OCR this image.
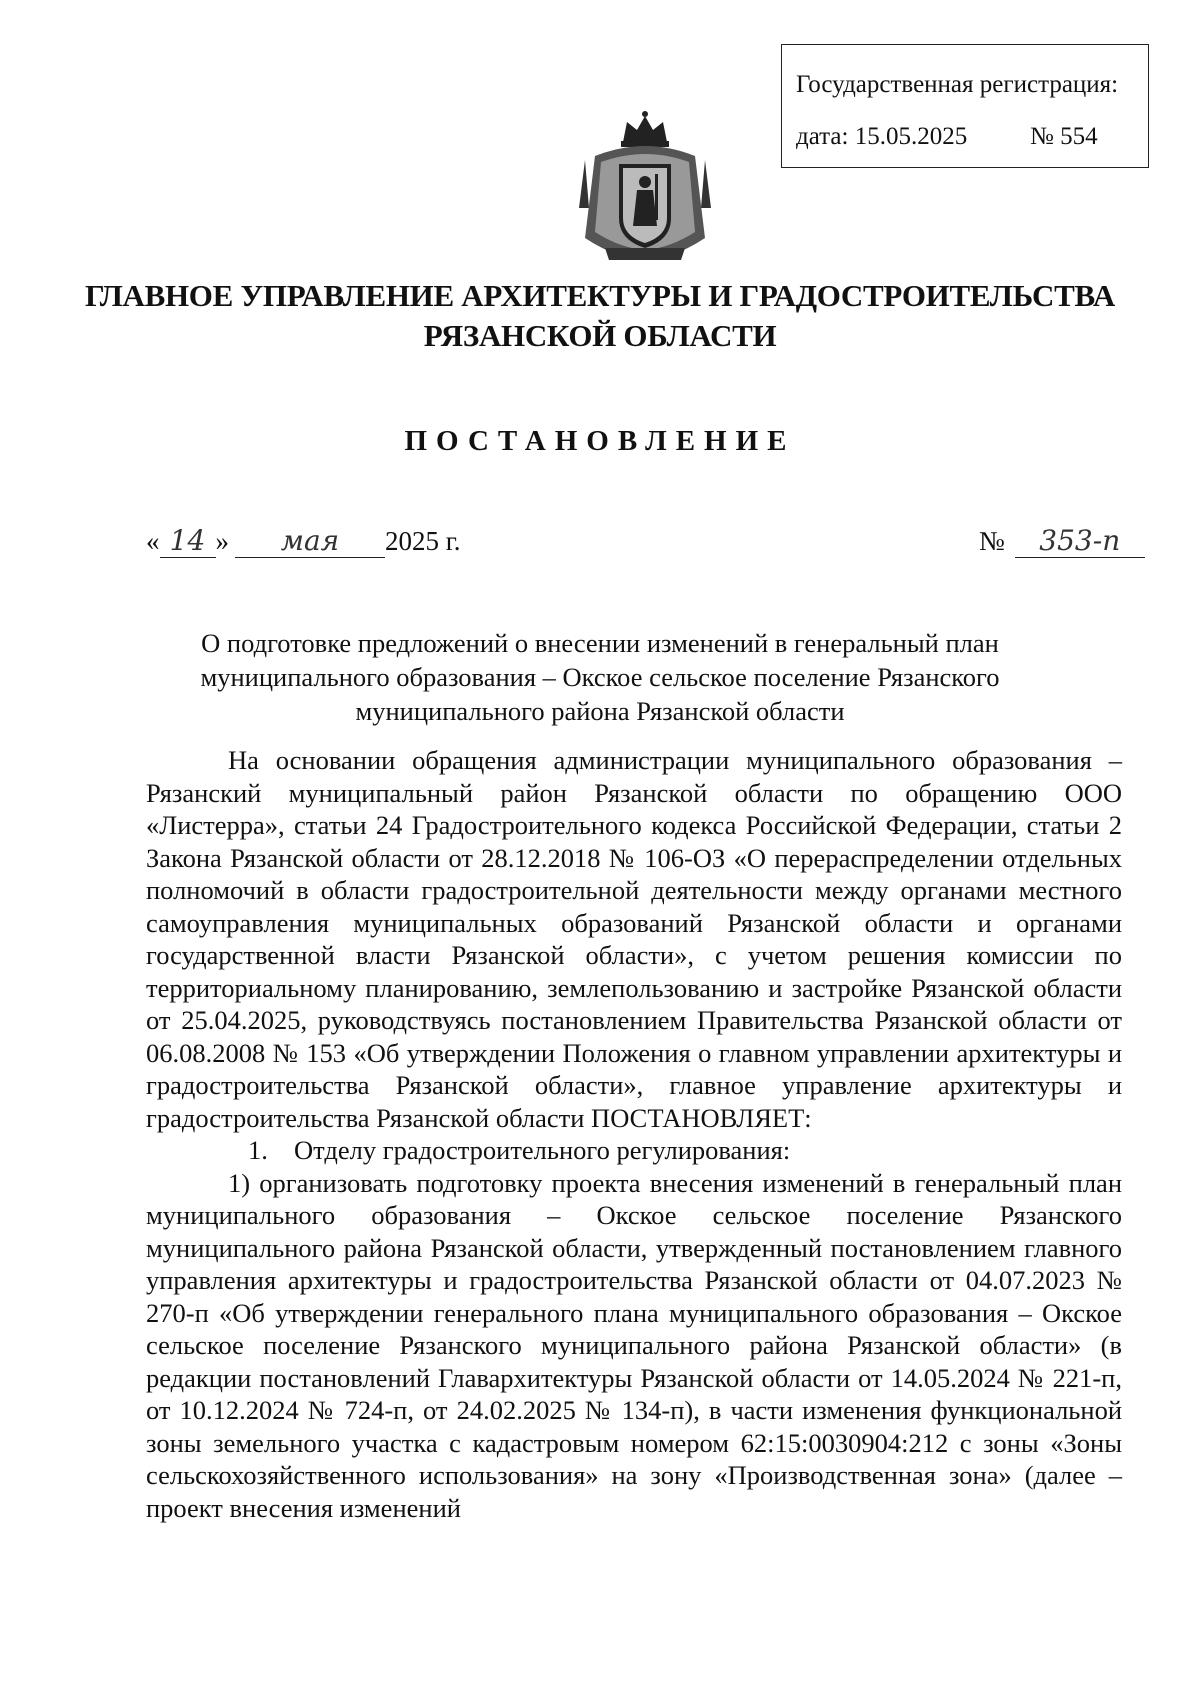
Государственная регистрация:
дата: 15.05.2025	№ 554
ГЛАВНОЕ УПРАВЛЕНИЕ АРХИТЕКТУРЫ И ГРАДОСТРОИТЕЛЬСТВА
РЯЗАНСКОЙ ОБЛАСТИ
ПОСТАНОВЛЕНИЕ
« 14 » мая 2025 г.	№ 353-п
О подготовке предложений о внесении изменений в генеральный план
муниципального образования – Окское сельское поселение Рязанского
муниципального района Рязанской области

На основании обращения администрации муниципального образования – Рязанский муниципальный район Рязанской области по обращению ООО «Листерра», статьи 24 Градостроительного кодекса Российской Федерации, статьи 2 Закона Рязанской области от 28.12.2018 № 106-ОЗ «О перераспределении отдельных полномочий в области градостроительной деятельности между органами местного самоуправления муниципальных образований Рязанской области и органами государственной власти Рязанской области», с учетом решения комиссии по территориальному планированию, землепользованию и застройке Рязанской области от 25.04.2025, руководствуясь постановлением Правительства Рязанской области от 06.08.2008 № 153 «Об утверждении Положения о главном управлении архитектуры и градостроительства Рязанской области», главное управление архитектуры и градостроительства Рязанской области ПОСТАНОВЛЯЕТ:

1. Отделу градостроительного регулирования:

1) организовать подготовку проекта внесения изменений в генеральный план муниципального образования – Окское сельское поселение Рязанского муниципального района Рязанской области, утвержденный постановлением главного управления архитектуры и градостроительства Рязанской области от 04.07.2023 № 270-п «Об утверждении генерального плана муниципального образования – Окское сельское поселение Рязанского муниципального района Рязанской области» (в редакции постановлений Главархитектуры Рязанской области от 14.05.2024 № 221-п, от 10.12.2024 № 724-п, от 24.02.2025 № 134-п), в части изменения функциональной зоны земельного участка с кадастровым номером 62:15:0030904:212 с зоны «Зоны сельскохозяйственного использования» на зону «Производственная зона» (далее – проект внесения изменений
